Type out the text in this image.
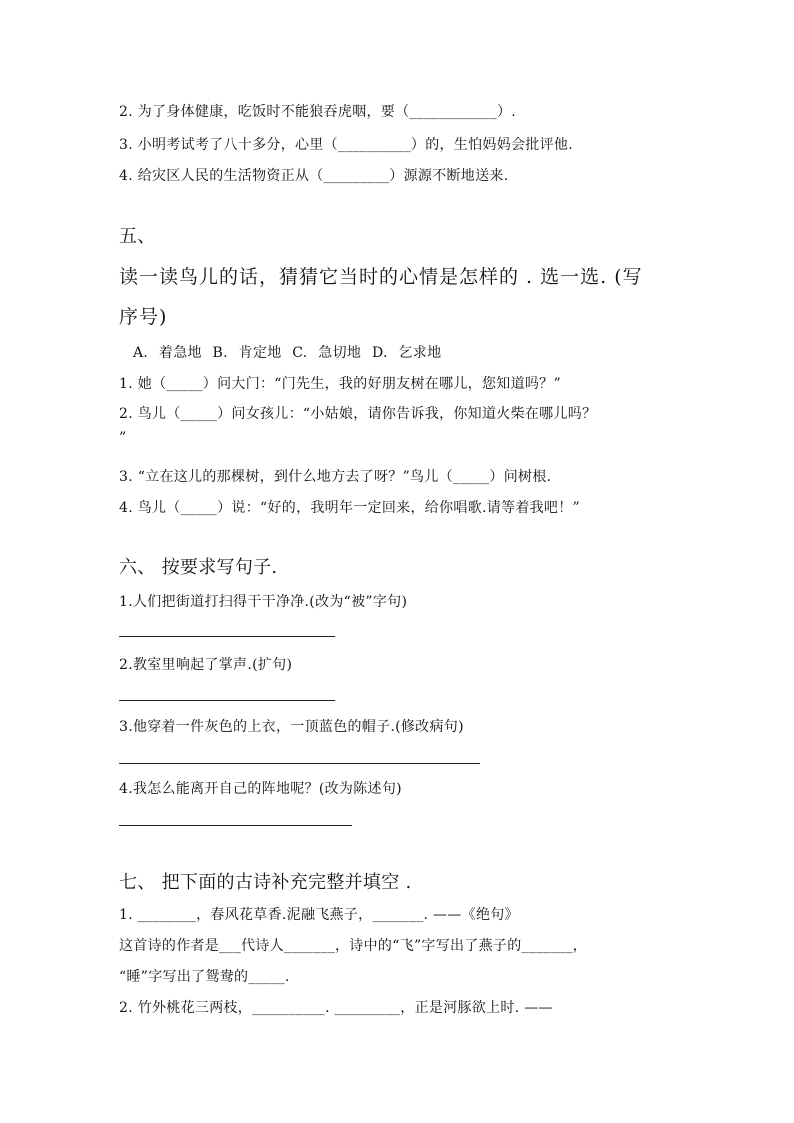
2. 为了身体健康，吃饭时不能狼吞虎咽，要（____________）.
3. 小明考试考了八十多分，心里（__________）的，生怕妈妈会批评他.
4. 给灾区人民的生活物资正从（_________）源源不断地送来.
五、
读一读鸟儿的话，猜猜它当时的心情是怎样的 . 选一选. (写
序号)
A. 着急地 B. 肯定地 C. 急切地 D. 乞求地
1. 她（_____）问大门：“门先生，我的好朋友树在哪儿，您知道吗？”
2. 鸟儿（_____）问女孩儿：“小姑娘，请你告诉我，你知道火柴在哪儿吗？
”
3. “立在这儿的那棵树，到什么地方去了呀？”鸟儿（_____）问树根.
4. 鸟儿（_____）说：“好的，我明年一定回来，给你唱歌.请等着我吧！”
六、 按要求写句子.
1.人们把街道打扫得干干净净.(改为“被”字句)
2.教室里响起了掌声.(扩句)
3.他穿着一件灰色的上衣，一顶蓝色的帽子.(修改病句)
4.我怎么能离开自己的阵地呢？(改为陈述句)
七、 把下面的古诗补充完整并填空 .
1. ________，春风花草香.泥融飞燕子，_______. ——《绝句》
这首诗的作者是___代诗人_______，诗中的“飞”字写出了燕子的_______，
“睡”字写出了鸳鸯的_____.
2. 竹外桃花三两枝，__________. _________，正是河豚欲上时. ——
